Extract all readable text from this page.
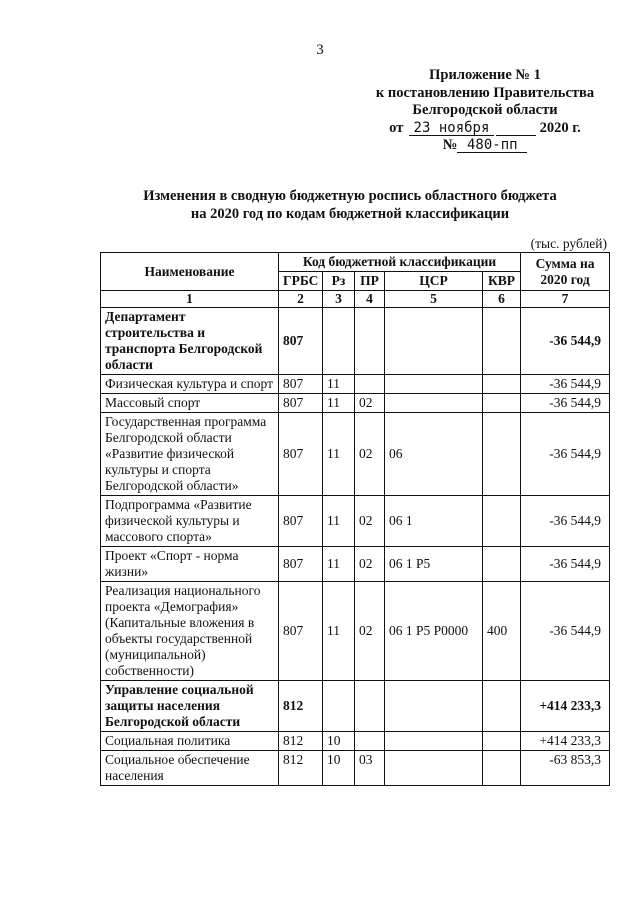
3
Приложение № 1
к постановлению Правительства
Белгородской области
от 23 ноября	2020 г.
№ 480-пп
Изменения в сводную бюджетную роспись областного бюджета
на 2020 год по кодам бюджетной классификации
(тыс. рублей)
Наименование	Код бюджетной классификации					Сумма на 2020 год
	ГРБС	Рз	ПР	ЦСР	КВР	
1	2	3	4	5	6	7
Департамент строительства и транспорта Белгородской области	807					-36 544,9
Физическая культура и спорт	807	11				-36 544,9
Массовый спорт	807	11	02			-36 544,9
Государственная программа Белгородской области «Развитие физической культуры и спорта Белгородской области»	807	11	02	06		-36 544,9
Подпрограмма «Развитие физической культуры и массового спорта»	807	11	02	06 1		-36 544,9
Проект «Спорт - норма жизни»	807	11	02	06 1 P5		-36 544,9
Реализация национального проекта «Демография» (Капитальные вложения в объекты государственной (муниципальной) собственности)	807	11	02	06 1 P5 P0000	400	-36 544,9
Управление социальной защиты населения Белгородской области	812					+414 233,3
Социальная политика	812	10				+414 233,3
Социальное обеспечение населения	812	10	03			-63 853,3
